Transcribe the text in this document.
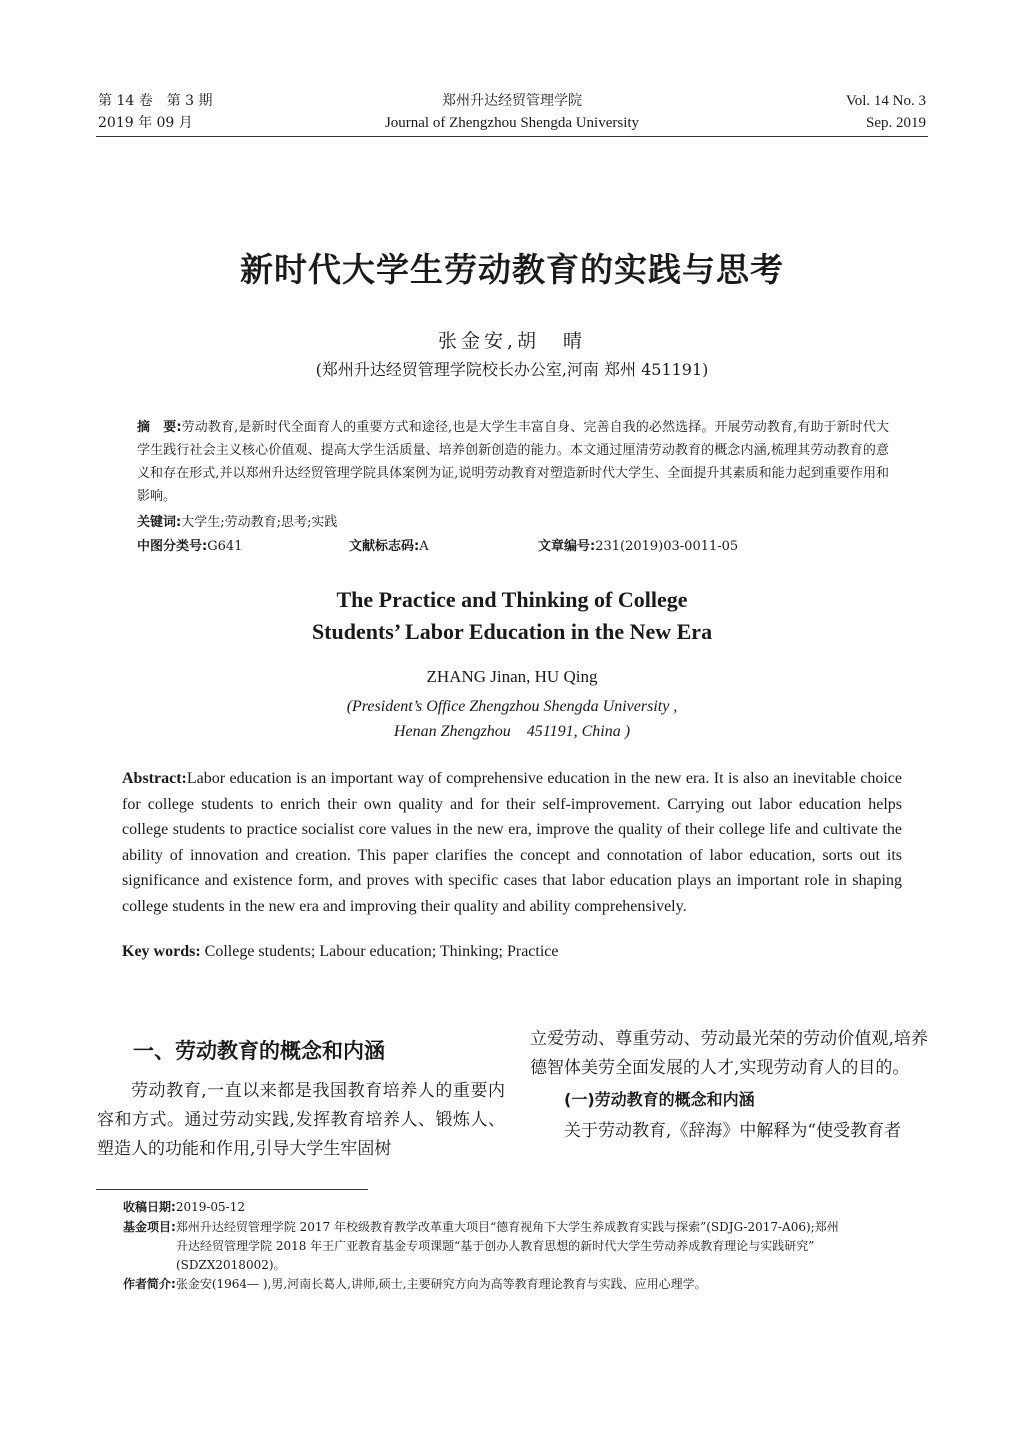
第 14 卷　第 3 期
2019 年 09 月
郑州升达经贸管理学院
Journal of Zhengzhou Shengda University
Vol. 14 No. 3
Sep. 2019
新时代大学生劳动教育的实践与思考
张金安,胡　晴
(郑州升达经贸管理学院校长办公室,河南 郑州 451191)
摘　要:劳动教育,是新时代全面育人的重要方式和途径,也是大学生丰富自身、完善自我的必然选择。开展劳动教育,有助于新时代大学生践行社会主义核心价值观、提高大学生活质量、培养创新创造的能力。本文通过厘清劳动教育的概念内涵,梳理其劳动教育的意义和存在形式,并以郑州升达经贸管理学院具体案例为证,说明劳动教育对塑造新时代大学生、全面提升其素质和能力起到重要作用和影响。
关键词:大学生;劳动教育;思考;实践
中图分类号:G641	文献标志码:A	文章编号:231(2019)03-0011-05
The Practice and Thinking of College
Students’ Labor Education in the New Era
ZHANG Jinan, HU Qing
(President’s Office Zhengzhou Shengda University ,
Henan Zhengzhou　451191, China )
Abstract:Labor education is an important way of comprehensive education in the new era. It is also an inevitable choice for college students to enrich their own quality and for their self-improvement. Carrying out labor education helps college students to practice socialist core values in the new era, improve the quality of their college life and cultivate the ability of innovation and creation. This paper clarifies the concept and connotation of labor education, sorts out its significance and existence form, and proves with specific cases that labor education plays an important role in shaping college students in the new era and improving their quality and ability comprehensively.
Key words: College students; Labour education; Thinking; Practice
一、劳动教育的概念和内涵

劳动教育,一直以来都是我国教育培养人的重要内容和方式。通过劳动实践,发挥教育培养人、锻炼人、塑造人的功能和作用,引导大学生牢固树

立爱劳动、尊重劳动、劳动最光荣的劳动价值观,培养德智体美劳全面发展的人才,实现劳动育人的目的。

(一)劳动教育的概念和内涵

关于劳动教育,《辞海》中解释为“使受教育者

收稿日期:2019-05-12
基金项目:郑州升达经贸管理学院 2017 年校级教育教学改革重大项目“德育视角下大学生养成教育实践与探索”(SDJG-2017-A06);郑州
升达经贸管理学院 2018 年王广亚教育基金专项课题“基于创办人教育思想的新时代大学生劳动养成教育理论与实践研究”
(SDZX2018002)。
作者简介:张金安(1964— ),男,河南长葛人,讲师,硕士,主要研究方向为高等教育理论教育与实践、应用心理学。
